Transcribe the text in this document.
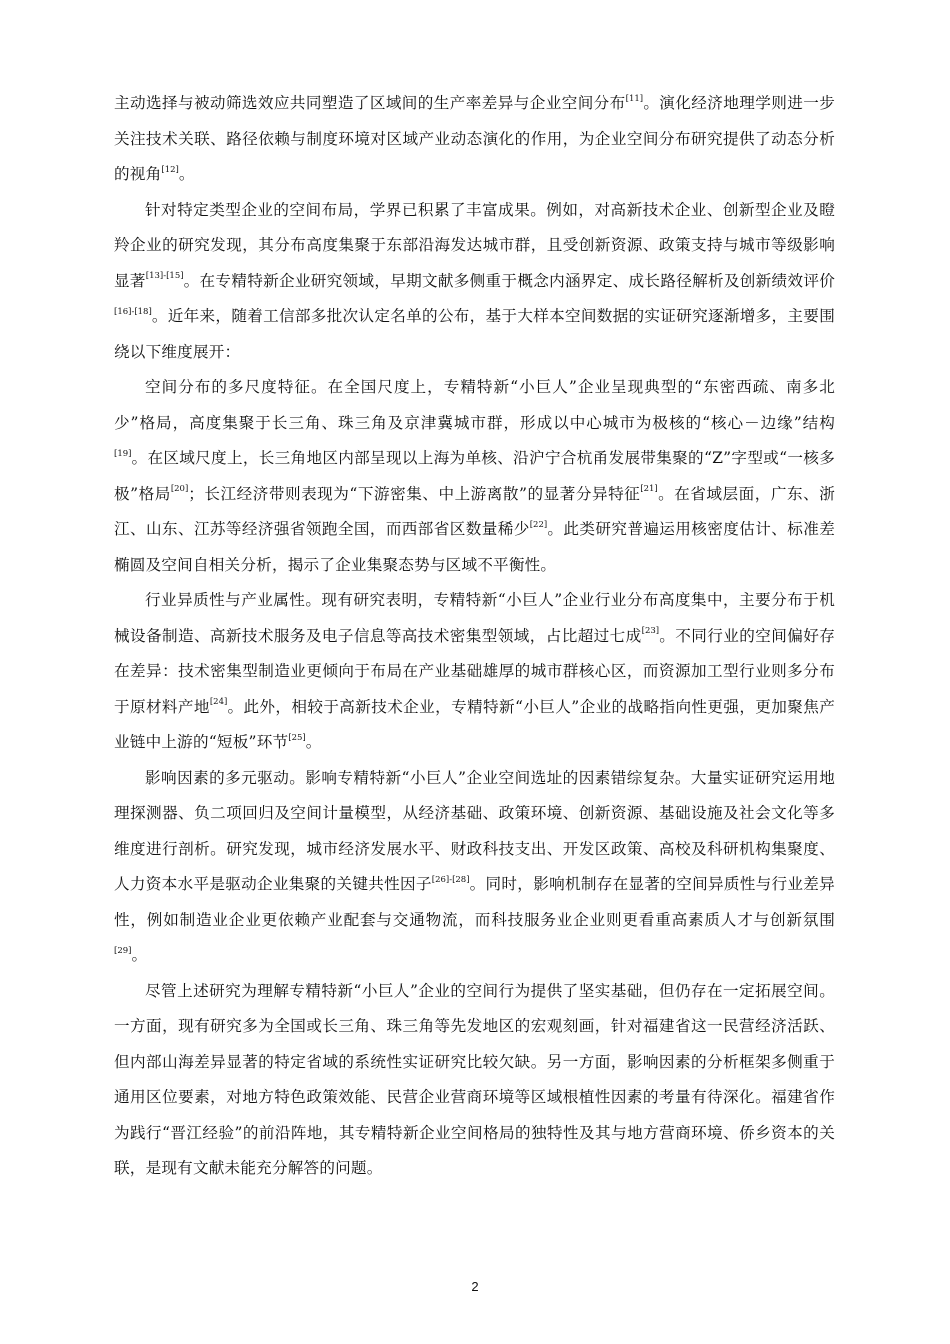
主动选择与被动筛选效应共同塑造了区域间的生产率差异与企业空间分布[11]。演化经济地理学则进一步关注技术关联、路径依赖与制度环境对区域产业动态演化的作用，为企业空间分布研究提供了动态分析的视角[12]。

针对特定类型企业的空间布局，学界已积累了丰富成果。例如，对高新技术企业、创新型企业及瞪羚企业的研究发现，其分布高度集聚于东部沿海发达城市群，且受创新资源、政策支持与城市等级影响显著[13]-[15]。在专精特新企业研究领域，早期文献多侧重于概念内涵界定、成长路径解析及创新绩效评价[16]-[18]。近年来，随着工信部多批次认定名单的公布，基于大样本空间数据的实证研究逐渐增多，主要围绕以下维度展开：

空间分布的多尺度特征。在全国尺度上，专精特新“小巨人”企业呈现典型的“东密西疏、南多北少”格局，高度集聚于长三角、珠三角及京津冀城市群，形成以中心城市为极核的“核心－边缘”结构[19]。在区域尺度上，长三角地区内部呈现以上海为单核、沿沪宁合杭甬发展带集聚的“Z”字型或“一核多极”格局[20]；长江经济带则表现为“下游密集、中上游离散”的显著分异特征[21]。在省域层面，广东、浙江、山东、江苏等经济强省领跑全国，而西部省区数量稀少[22]。此类研究普遍运用核密度估计、标准差椭圆及空间自相关分析，揭示了企业集聚态势与区域不平衡性。

行业异质性与产业属性。现有研究表明，专精特新“小巨人”企业行业分布高度集中，主要分布于机械设备制造、高新技术服务及电子信息等高技术密集型领域，占比超过七成[23]。不同行业的空间偏好存在差异：技术密集型制造业更倾向于布局在产业基础雄厚的城市群核心区，而资源加工型行业则多分布于原材料产地[24]。此外，相较于高新技术企业，专精特新“小巨人”企业的战略指向性更强，更加聚焦产业链中上游的“短板”环节[25]。

影响因素的多元驱动。影响专精特新“小巨人”企业空间选址的因素错综复杂。大量实证研究运用地理探测器、负二项回归及空间计量模型，从经济基础、政策环境、创新资源、基础设施及社会文化等多维度进行剖析。研究发现，城市经济发展水平、财政科技支出、开发区政策、高校及科研机构集聚度、人力资本水平是驱动企业集聚的关键共性因子[26]-[28]。同时，影响机制存在显著的空间异质性与行业差异性，例如制造业企业更依赖产业配套与交通物流，而科技服务业企业则更看重高素质人才与创新氛围[29]。

尽管上述研究为理解专精特新“小巨人”企业的空间行为提供了坚实基础，但仍存在一定拓展空间。一方面，现有研究多为全国或长三角、珠三角等先发地区的宏观刻画，针对福建省这一民营经济活跃、但内部山海差异显著的特定省域的系统性实证研究比较欠缺。另一方面，影响因素的分析框架多侧重于通用区位要素，对地方特色政策效能、民营企业营商环境等区域根植性因素的考量有待深化。福建省作为践行“晋江经验”的前沿阵地，其专精特新企业空间格局的独特性及其与地方营商环境、侨乡资本的关联，是现有文献未能充分解答的问题。

2
